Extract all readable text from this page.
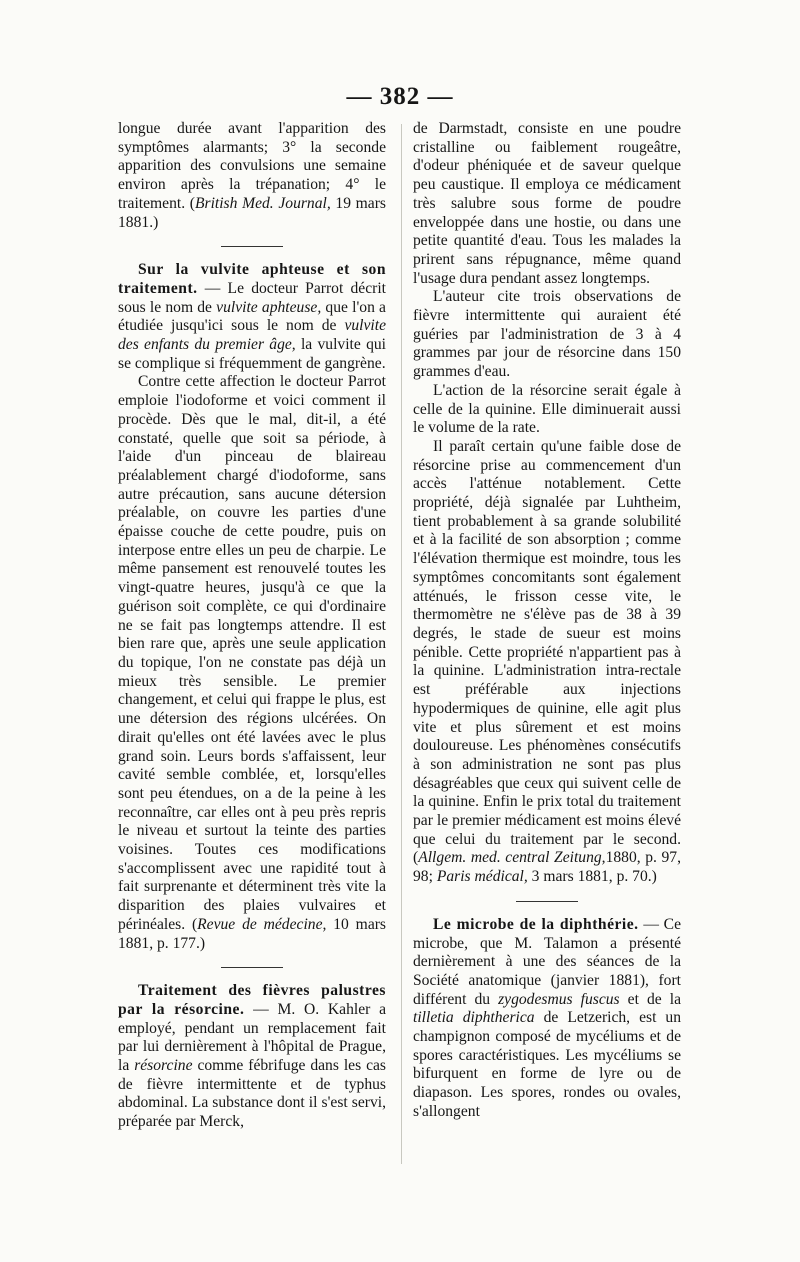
— 382 —

longue durée avant l'apparition des symptômes alarmants; 3° la seconde apparition des convulsions une semaine environ après la trépanation; 4° le traitement. (British Med. Journal, 19 mars 1881.)

Sur la vulvite aphteuse et son traitement. — Le docteur Parrot décrit sous le nom de vulvite aphteuse, que l'on a étudiée jusqu'ici sous le nom de vulvite des enfants du premier âge, la vulvite qui se complique si fréquemment de gangrène.

Contre cette affection le docteur Parrot emploie l'iodoforme et voici comment il procède. Dès que le mal, dit-il, a été constaté, quelle que soit sa période, à l'aide d'un pinceau de blaireau préalablement chargé d'iodoforme, sans autre précaution, sans aucune détersion préalable, on couvre les parties d'une épaisse couche de cette poudre, puis on interpose entre elles un peu de charpie. Le même pansement est renouvelé toutes les vingt-quatre heures, jusqu'à ce que la guérison soit complète, ce qui d'ordinaire ne se fait pas longtemps attendre. Il est bien rare que, après une seule application du topique, l'on ne constate pas déjà un mieux très sensible. Le premier changement, et celui qui frappe le plus, est une détersion des régions ulcérées. On dirait qu'elles ont été lavées avec le plus grand soin. Leurs bords s'affaissent, leur cavité semble comblée, et, lorsqu'elles sont peu étendues, on a de la peine à les reconnaître, car elles ont à peu près repris le niveau et surtout la teinte des parties voisines. Toutes ces modifications s'accomplissent avec une rapidité tout à fait surprenante et déterminent très vite la disparition des plaies vulvaires et périnéales. (Revue de médecine, 10 mars 1881, p. 177.)

Traitement des fièvres palustres par la résorcine. — M. O. Kahler a employé, pendant un remplacement fait par lui dernièrement à l'hôpital de Prague, la résorcine comme fébrifuge dans les cas de fièvre intermittente et de typhus abdominal. La substance dont il s'est servi, préparée par Merck,

de Darmstadt, consiste en une poudre cristalline ou faiblement rougeâtre, d'odeur phéniquée et de saveur quelque peu caustique. Il employa ce médicament très salubre sous forme de poudre enveloppée dans une hostie, ou dans une petite quantité d'eau. Tous les malades la prirent sans répugnance, même quand l'usage dura pendant assez longtemps.

L'auteur cite trois observations de fièvre intermittente qui auraient été guéries par l'administration de 3 à 4 grammes par jour de résorcine dans 150 grammes d'eau.

L'action de la résorcine serait égale à celle de la quinine. Elle diminuerait aussi le volume de la rate.

Il paraît certain qu'une faible dose de résorcine prise au commencement d'un accès l'atténue notablement. Cette propriété, déjà signalée par Luhtheim, tient probablement à sa grande solubilité et à la facilité de son absorption ; comme l'élévation thermique est moindre, tous les symptômes concomitants sont également atténués, le frisson cesse vite, le thermomètre ne s'élève pas de 38 à 39 degrés, le stade de sueur est moins pénible. Cette propriété n'appartient pas à la quinine. L'administration intra-rectale est préférable aux injections hypodermiques de quinine, elle agit plus vite et plus sûrement et est moins douloureuse. Les phénomènes consécutifs à son administration ne sont pas plus désagréables que ceux qui suivent celle de la quinine. Enfin le prix total du traitement par le premier médicament est moins élevé que celui du traitement par le second. (Allgem. med. central Zeitung,1880, p. 97, 98; Paris médical, 3 mars 1881, p. 70.)

Le microbe de la diphthérie. — Ce microbe, que M. Talamon a présenté dernièrement à une des séances de la Société anatomique (janvier 1881), fort différent du zygodesmus fuscus et de la tilletia diphtherica de Letzerich, est un champignon composé de mycéliums et de spores caractéristiques. Les mycéliums se bifurquent en forme de lyre ou de diapason. Les spores, rondes ou ovales, s'allongent
